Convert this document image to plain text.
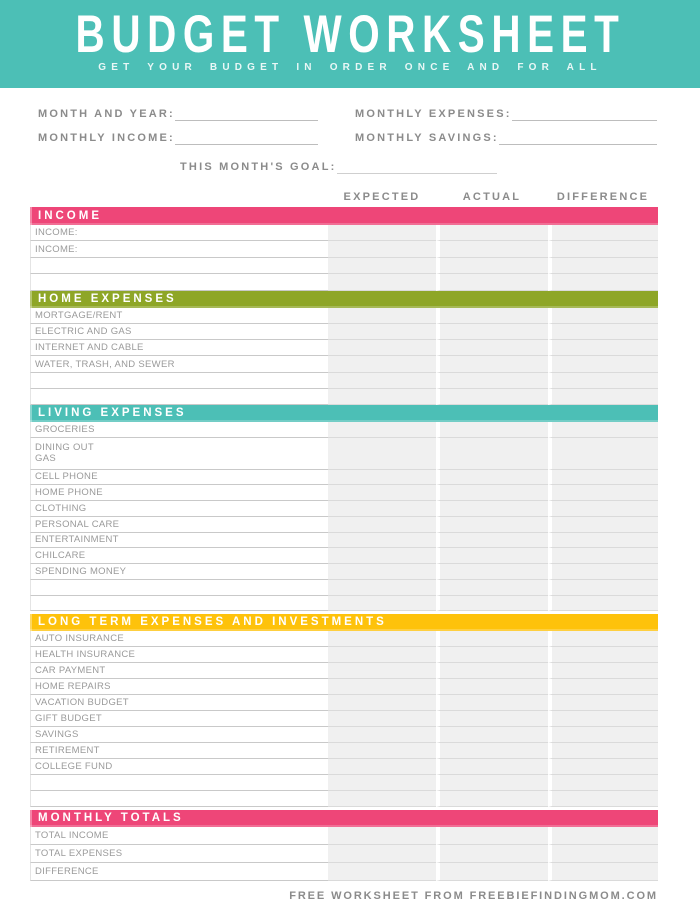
BUDGET WORKSHEET
GET YOUR BUDGET IN ORDER ONCE AND FOR ALL
MONTH AND YEAR:	MONTHLY EXPENSES:
MONTHLY INCOME:	MONTHLY SAVINGS:
THIS MONTH'S GOAL:
EXPECTED	ACTUAL	DIFFERENCE
INCOME
INCOME:
INCOME:
HOME EXPENSES
MORTGAGE/RENT
ELECTRIC AND GAS
INTERNET AND CABLE
WATER, TRASH, AND SEWER
LIVING EXPENSES
GROCERIES
DINING OUT
GAS
CELL PHONE
HOME PHONE
CLOTHING
PERSONAL CARE
ENTERTAINMENT
CHILCARE
SPENDING MONEY
LONG TERM EXPENSES AND INVESTMENTS
AUTO INSURANCE
HEALTH INSURANCE
CAR PAYMENT
HOME REPAIRS
VACATION BUDGET
GIFT BUDGET
SAVINGS
RETIREMENT
COLLEGE FUND
MONTHLY TOTALS
TOTAL INCOME
TOTAL EXPENSES
DIFFERENCE
FREE WORKSHEET FROM FREEBIEFINDINGMOM.COM
